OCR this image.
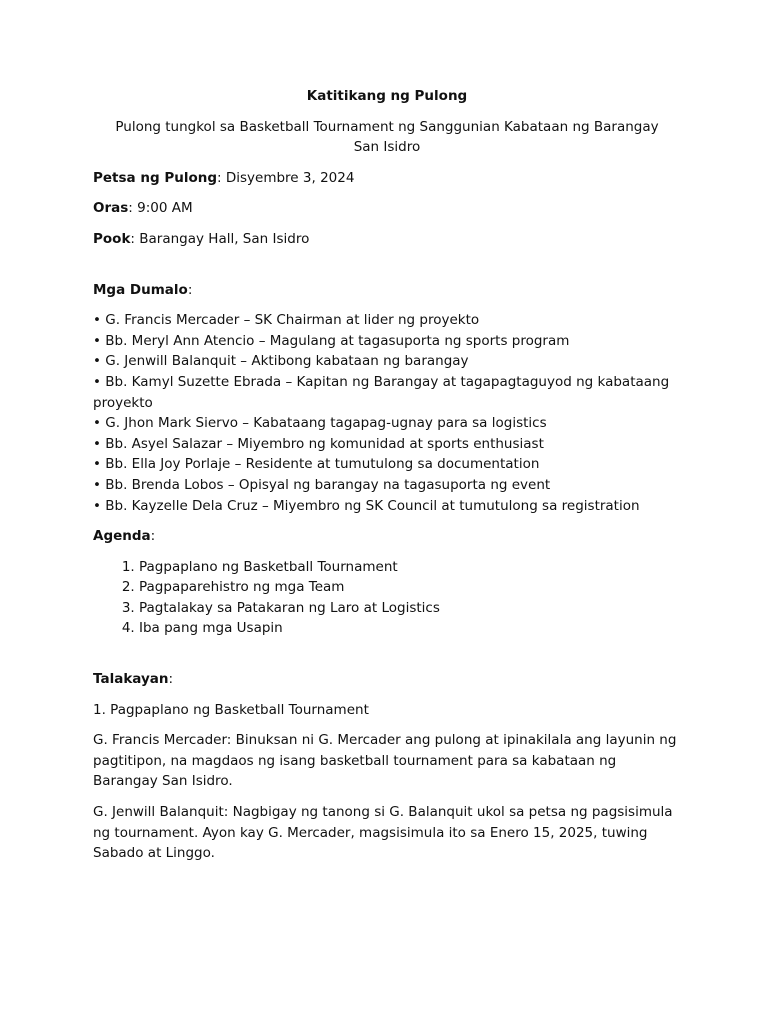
Katitikang ng Pulong

Pulong tungkol sa Basketball Tournament ng Sanggunian Kabataan ng Barangay San Isidro

Petsa ng Pulong: Disyembre 3, 2024

Oras: 9:00 AM

Pook: Barangay Hall, San Isidro

Mga Dumalo:

• G. Francis Mercader – SK Chairman at lider ng proyekto
• Bb. Meryl Ann Atencio – Magulang at tagasuporta ng sports program
• G. Jenwill Balanquit – Aktibong kabataan ng barangay
• Bb. Kamyl Suzette Ebrada – Kapitan ng Barangay at tagapagtaguyod ng kabataang proyekto
• G. Jhon Mark Siervo – Kabataang tagapag-ugnay para sa logistics
• Bb. Asyel Salazar – Miyembro ng komunidad at sports enthusiast
• Bb. Ella Joy Porlaje – Residente at tumutulong sa documentation
• Bb. Brenda Lobos – Opisyal ng barangay na tagasuporta ng event
• Bb. Kayzelle Dela Cruz – Miyembro ng SK Council at tumutulong sa registration

Agenda:

1. Pagpaplano ng Basketball Tournament
2. Pagpaparehistro ng mga Team
3. Pagtalakay sa Patakaran ng Laro at Logistics
4. Iba pang mga Usapin

Talakayan:

1. Pagpaplano ng Basketball Tournament

G. Francis Mercader: Binuksan ni G. Mercader ang pulong at ipinakilala ang layunin ng pagtitipon, na magdaos ng isang basketball tournament para sa kabataan ng Barangay San Isidro.

G. Jenwill Balanquit: Nagbigay ng tanong si G. Balanquit ukol sa petsa ng pagsisimula ng tournament. Ayon kay G. Mercader, magsisimula ito sa Enero 15, 2025, tuwing Sabado at Linggo.
